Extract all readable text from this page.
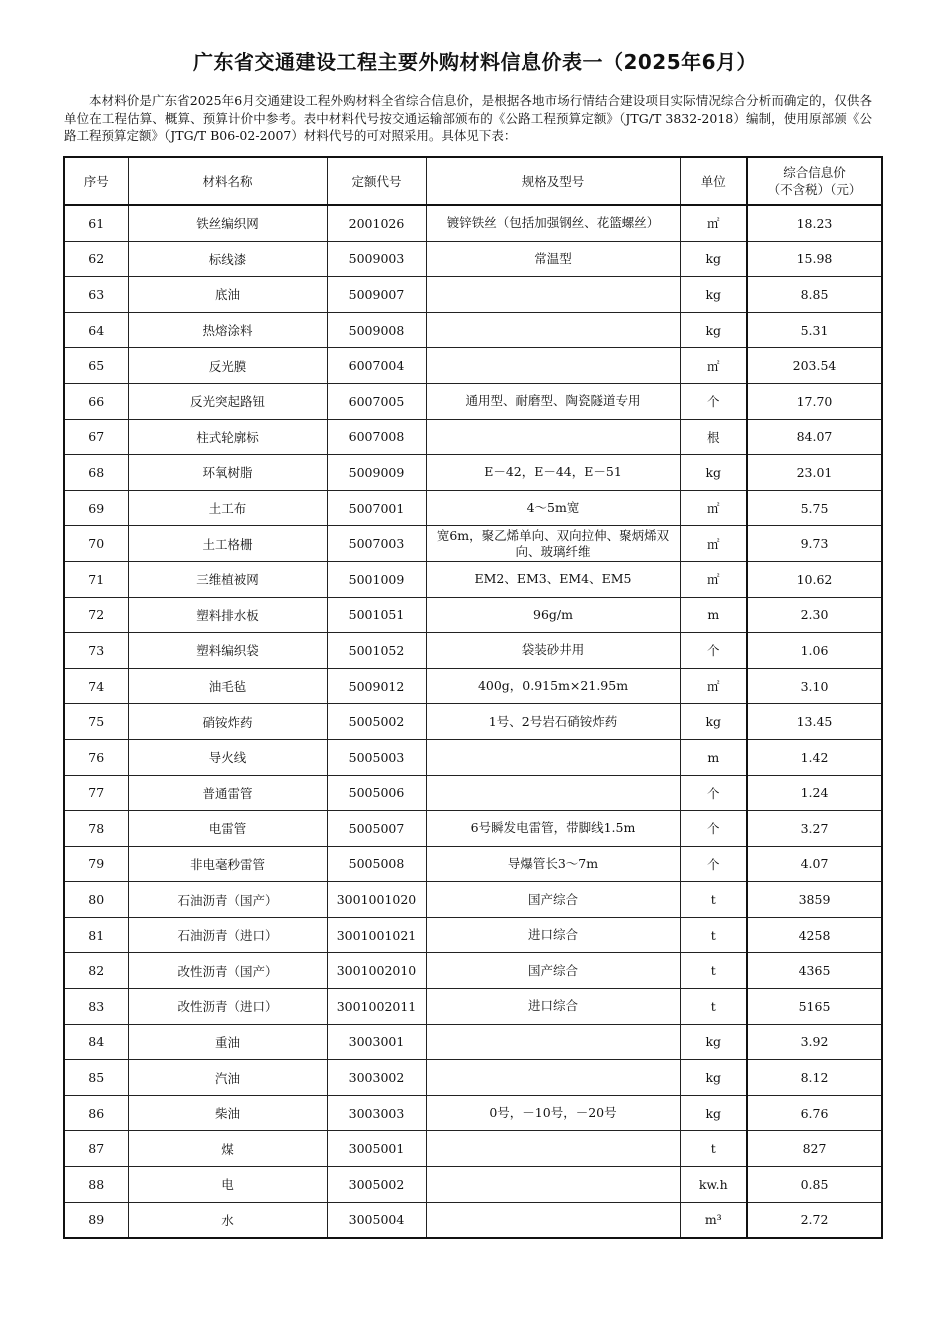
广东省交通建设工程主要外购材料信息价表一（2025年6月）
本材料价是广东省2025年6月交通建设工程外购材料全省综合信息价，是根据各地市场行情结合建设项目实际情况综合分析而确定的，仅供各单位在工程估算、概算、预算计价中参考。表中材料代号按交通运输部颁布的《公路工程预算定额》（JTG/T 3832-2018）编制，使用原部颁《公路工程预算定额》（JTG/T B06-02-2007）材料代号的可对照采用。具体见下表：
序号	材料名称	定额代号	规格及型号	单位	综合信息价
（不含税）（元）

61	铁丝编织网	2001026	镀锌铁丝（包括加强钢丝、花篮螺丝）	㎡	18.23
62	标线漆	5009003	常温型	kg	15.98
63	底油	5009007		kg	8.85
64	热熔涂料	5009008		kg	5.31
65	反光膜	6007004		㎡	203.54
66	反光突起路钮	6007005	通用型、耐磨型、陶瓷隧道专用	个	17.70
67	柱式轮廓标	6007008		根	84.07
68	环氧树脂	5009009	E－42，E－44，E－51	kg	23.01
69	土工布	5007001	4～5m宽	㎡	5.75
70	土工格栅	5007003	宽6m，聚乙烯单向、双向拉伸、聚炳烯双向、玻璃纤维	㎡	9.73
71	三维植被网	5001009	EM2、EM3、EM4、EM5	㎡	10.62
72	塑料排水板	5001051	96g/m	m	2.30
73	塑料编织袋	5001052	袋装砂井用	个	1.06
74	油毛毡	5009012	400g，0.915m×21.95m	㎡	3.10
75	硝铵炸药	5005002	1号、2号岩石硝铵炸药	kg	13.45
76	导火线	5005003		m	1.42
77	普通雷管	5005006		个	1.24
78	电雷管	5005007	6号瞬发电雷管，带脚线1.5m	个	3.27
79	非电毫秒雷管	5005008	导爆管长3～7m	个	4.07
80	石油沥青（国产）	3001001020	国产综合	t	3859
81	石油沥青（进口）	3001001021	进口综合	t	4258
82	改性沥青（国产）	3001002010	国产综合	t	4365
83	改性沥青（进口）	3001002011	进口综合	t	5165
84	重油	3003001		kg	3.92
85	汽油	3003002		kg	8.12
86	柴油	3003003	0号，－10号，－20号	kg	6.76
87	煤	3005001		t	827
88	电	3005002		kw.h	0.85
89	水	3005004		m³	2.72
